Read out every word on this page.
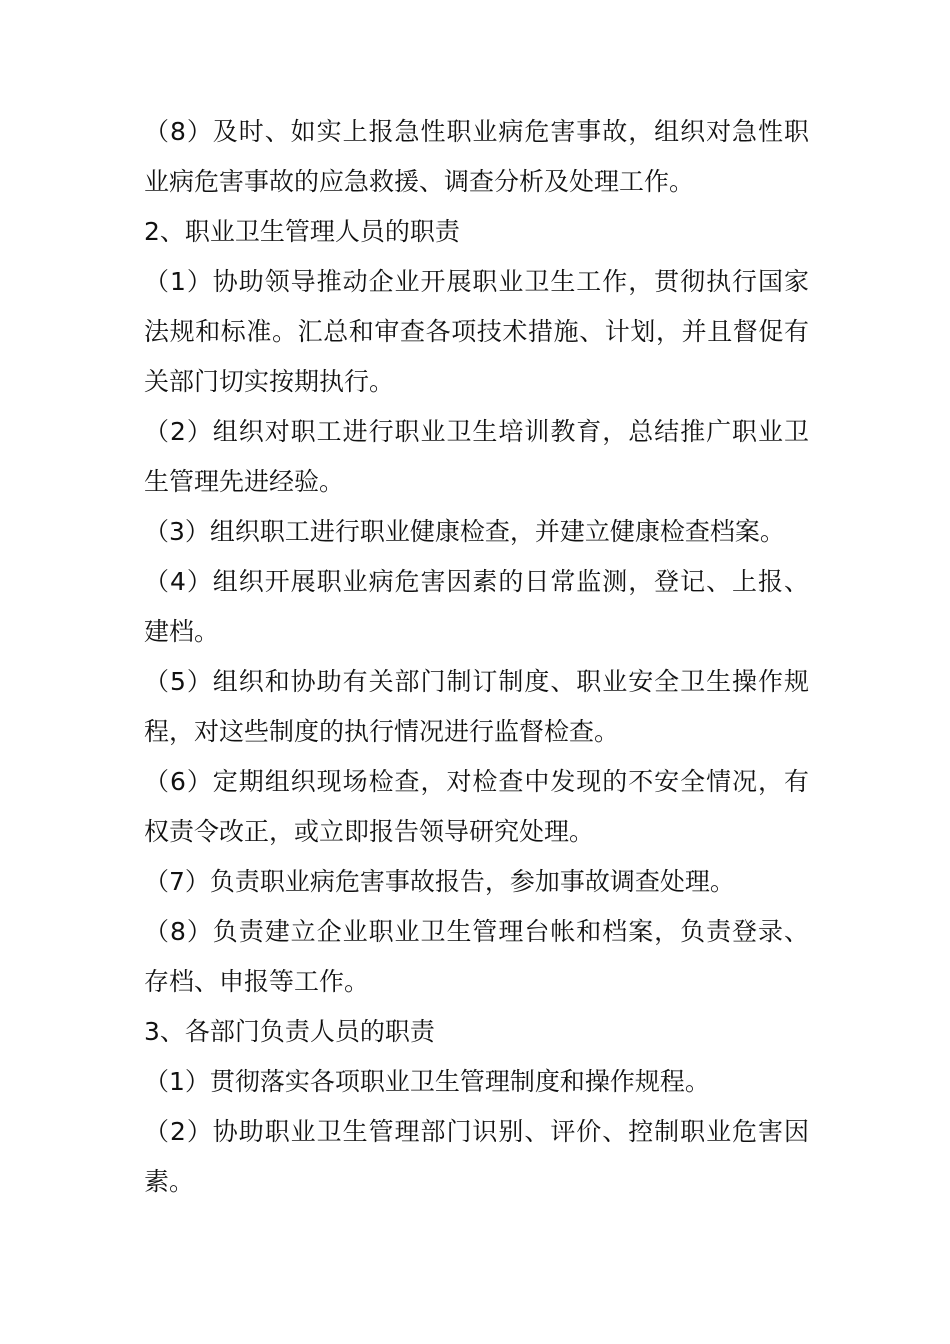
（8）及时、如实上报急性职业病危害事故，组织对急性职业病危害事故的应急救援、调查分析及处理工作。

2、职业卫生管理人员的职责

（1）协助领导推动企业开展职业卫生工作，贯彻执行国家法规和标准。汇总和审查各项技术措施、计划，并且督促有关部门切实按期执行。

（2）组织对职工进行职业卫生培训教育，总结推广职业卫生管理先进经验。

（3）组织职工进行职业健康检查，并建立健康检查档案。

（4）组织开展职业病危害因素的日常监测，登记、上报、建档。

（5）组织和协助有关部门制订制度、职业安全卫生操作规程，对这些制度的执行情况进行监督检查。

（6）定期组织现场检查，对检查中发现的不安全情况，有权责令改正，或立即报告领导研究处理。

（7）负责职业病危害事故报告，参加事故调查处理。

（8）负责建立企业职业卫生管理台帐和档案，负责登录、存档、申报等工作。

3、各部门负责人员的职责

（1）贯彻落实各项职业卫生管理制度和操作规程。

（2）协助职业卫生管理部门识别、评价、控制职业危害因素。
